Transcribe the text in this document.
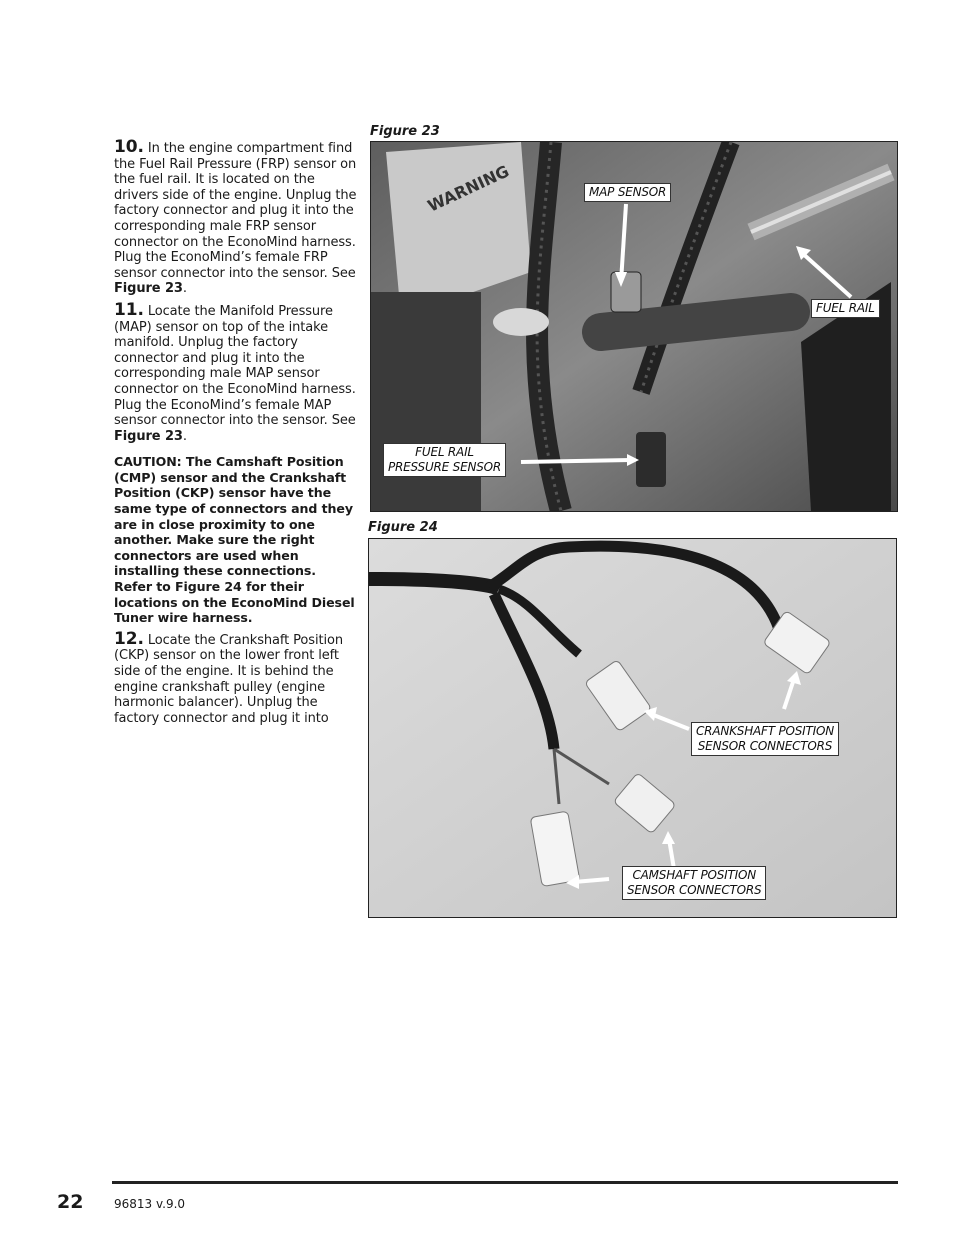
10. In the engine compartment find the Fuel Rail Pressure (FRP) sensor on the fuel rail. It is located on the drivers side of the engine. Unplug the factory connector and plug it into the corresponding male FRP sensor connector on the EconoMind harness. Plug the EconoMind’s female FRP sensor connector into the sensor. See Figure 23.

11. Locate the Manifold Pressure (MAP) sensor on top of the intake manifold. Unplug the factory connector and plug it into the corresponding male MAP sensor connector on the EconoMind harness. Plug the EconoMind’s female MAP sensor connector into the sensor. See Figure 23.

CAUTION: The Camshaft Position (CMP) sensor and the Crankshaft Position (CKP) sensor have the same type of connectors and they are in close proximity to one another. Make sure the right connectors are used when installing these connections. Refer to Figure 24 for their locations on the EconoMind Diesel Tuner wire harness.

12. Locate the Crankshaft Position (CKP) sensor on the lower front left side of the engine. It is behind the engine crankshaft pulley (engine harmonic balancer). Unplug the factory connector and plug it into

Figure 23
WARNING	MAP SENSOR
FUEL RAIL
FUEL RAIL
PRESSURE SENSOR
Figure 24
CRANKSHAFT POSITION
SENSOR CONNECTORS
CAMSHAFT POSITION
SENSOR CONNECTORS
22	96813 v.9.0
